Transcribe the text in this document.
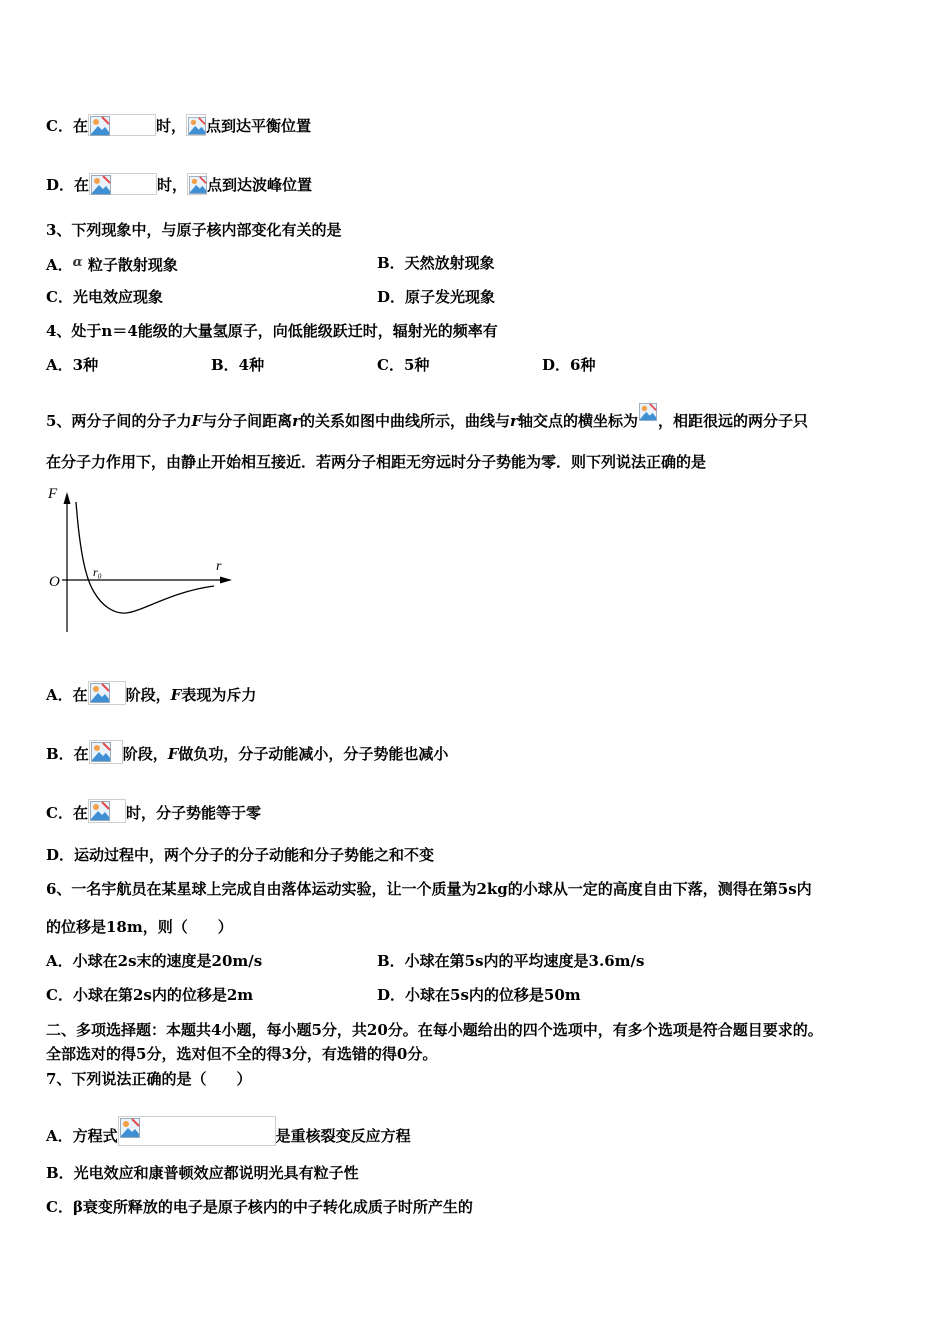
C．在	时， 点到达平衡位置
D．在	时， 点到达波峰位置
3、下列现象中，与原子核内部变化有关的是
A．α 粒子散射现象	B．天然放射现象
C．光电效应现象	D．原子发光现象
4、处于n＝4能级的大量氢原子，向低能级跃迁时，辐射光的频率有
A．3种	B．4种	C．5种	D．6种
5、两分子间的分子力F与分子间距离r的关系如图中曲线所示，曲线与r轴交点的横坐标为 ，相距很远的两分子只
在分子力作用下，由静止开始相互接近．若两分子相距无穷远时分子势能为零．则下列说法正确的是
F
O
r
r₀
A．在	阶段，F表现为斥力
B．在 阶段，F做负功，分子动能减小，分子势能也减小
C．在	时，分子势能等于零
D．运动过程中，两个分子的分子动能和分子势能之和不变
6、一名宇航员在某星球上完成自由落体运动实验，让一个质量为2kg的小球从一定的高度自由下落，测得在第5s内
的位移是18m，则（　　）
A．小球在2s末的速度是20m/s	B．小球在第5s内的平均速度是3.6m/s
C．小球在第2s内的位移是2m	D．小球在5s内的位移是50m
二、多项选择题：本题共4小题，每小题5分，共20分。在每小题给出的四个选项中，有多个选项是符合题目要求的。
全部选对的得5分，选对但不全的得3分，有选错的得0分。
7、下列说法正确的是（　　）
A．方程式	是重核裂变反应方程
B．光电效应和康普顿效应都说明光具有粒子性
C．β衰变所释放的电子是原子核内的中子转化成质子时所产生的
